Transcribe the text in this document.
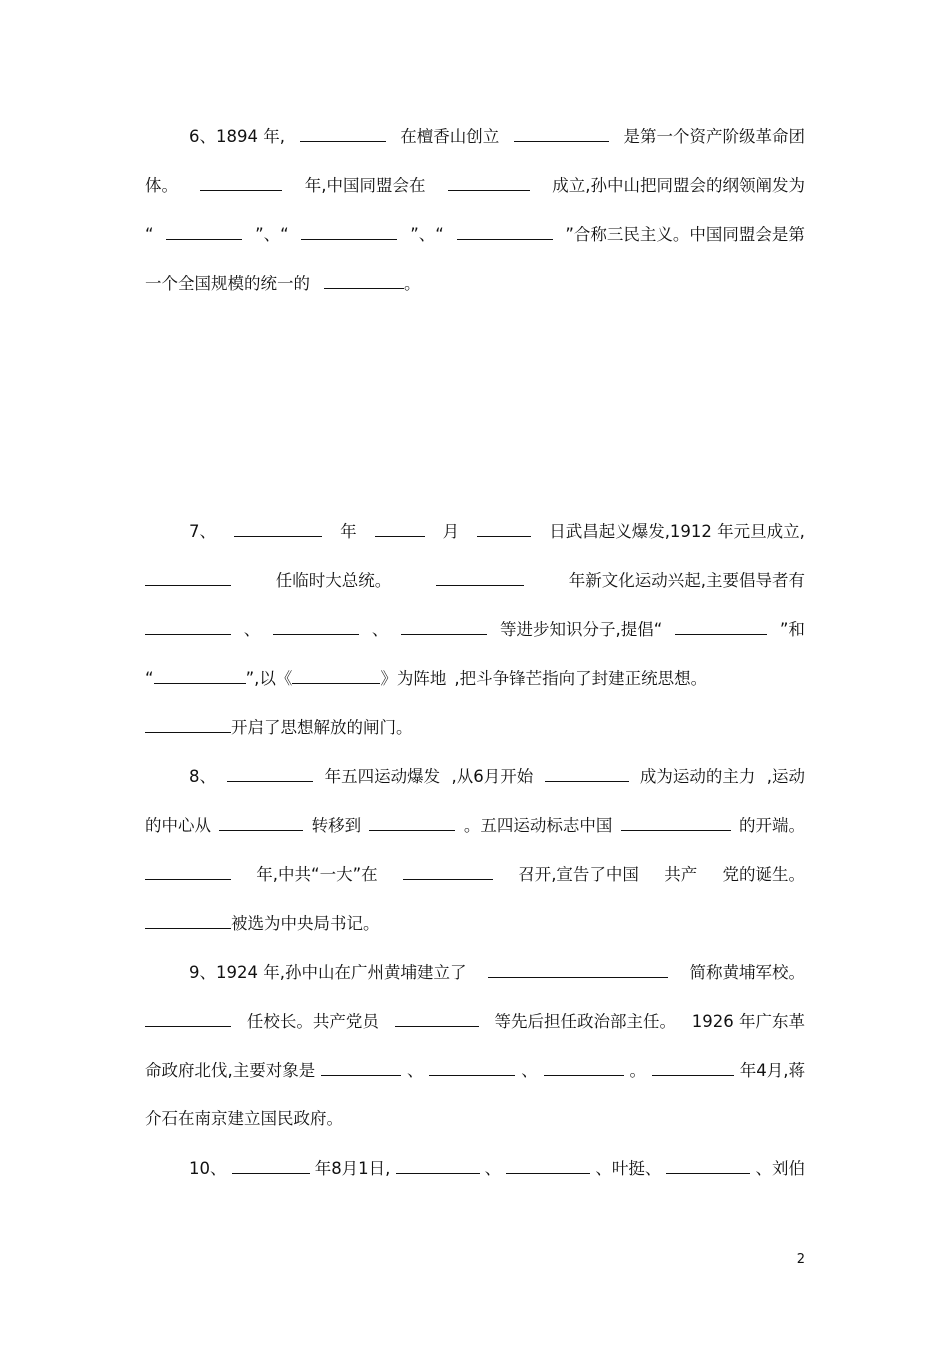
6、1894 年,	在檀香山创立	是第一个资产阶级革命团
体。	年,中国同盟会在	成立,孙中山把同盟会的纲领阐发为
“	”、“	”、“	”合称三民主义。中国同盟会是第
一个全国规模的统一的	。
7、	年	月	日武昌起义爆发,1912 年元旦成立,
任临时大总统。	年新文化运动兴起,主要倡导者有
、	、	等进步知识分子,提倡“	”和
“	”,以《	》为阵地 ,把斗争锋芒指向了封建正统思想。
开启了思想解放的闸门。
8、	年五四运动爆发 ,从6月开始	成为运动的主力 ,运动
的中心从	转移到	。五四运动标志中国	的开端。
年,中共“一大”在	召开,宣告了中国 共产 党的诞生。
被选为中央局书记。
9、1924 年,孙中山在广州黄埔建立了	简称黄埔军校。
任校长。共产党员	等先后担任政治部主任。 1926 年广东革
命政府北伐,主要对象是	、	、	。	年4月,蒋
介石在南京建立国民政府。
10、	年8月1日,	、	、叶挺、	、刘伯
2
